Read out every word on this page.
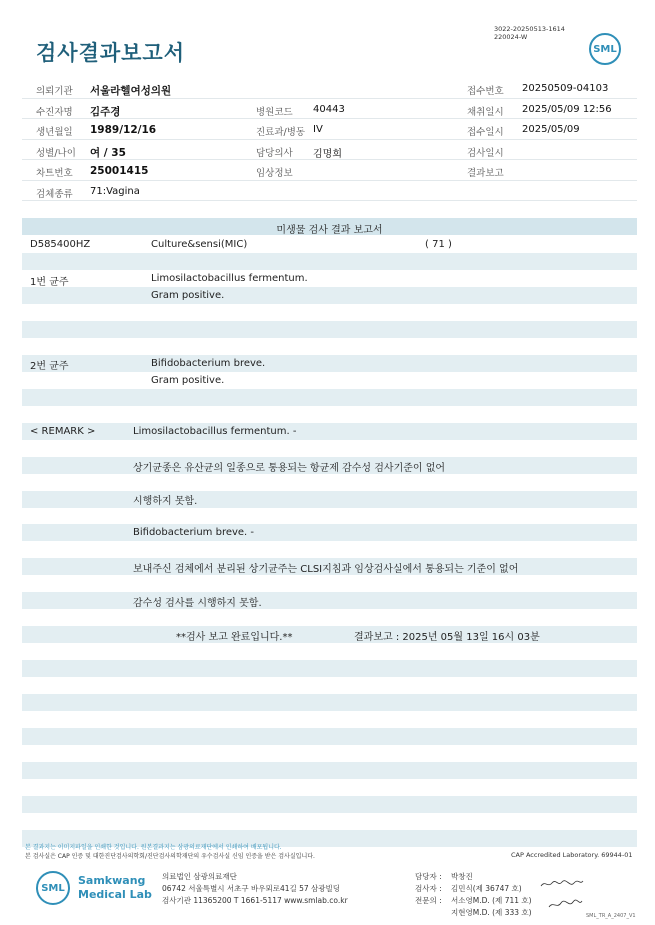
검사결과보고서
3022-20250513-1614
220024-W
SML
의뢰기관 서울라헬여성의원	접수번호 20250509-04103
수진자명 김주경	병원코드 40443	채취일시 2025/05/09 12:56
생년월일 1989/12/16	진료과/병동 IV	접수일시 2025/05/09
성별/나이 여 / 35	담당의사 김명희	검사일시
차트번호 25001415	임상정보	결과보고
검체종류 71:Vagina
미생물 검사 결과 보고서
D585400HZ	Culture&sensi(MIC)	( 71 )
1번 균주	Limosilactobacillus fermentum.
Gram positive.
2번 균주	Bifidobacterium breve.
Gram positive.
< REMARK >	Limosilactobacillus fermentum. -
상기균종은 유산균의 일종으로 통용되는 항균제 감수성 검사기준이 없어
시행하지 못함.
Bifidobacterium breve. -
보내주신 검체에서 분리된 상기균주는 CLSI지침과 임상검사실에서 통용되는 기준이 없어
감수성 검사를 시행하지 못함.
**검사 보고 완료입니다.**	결과보고 : 2025년 05월 13일 16시 03분
본 결과지는 이미지파일을 인쇄한 것입니다. 원본결과지는 삼광의료재단에서 인쇄하여 배포됩니다.
본 검사실은 CAP 인증 및 대한진단검사의학회/진단검사의학재단의 우수검사실 신임 인증을 받은 검사실입니다.	CAP Accredited Laboratory. 69944-01
SML
Samkwang
Medical Lab
의료법인 삼광의료재단
06742 서울특별시 서초구 바우뫼로41길 57 삼광빌딩
검사기관 11365200 T 1661-5117 www.smlab.co.kr
담당자 : 박창진
검사자 : 김민식(제 36747 호)
전문의 : 서소영M.D. (제 711 호)
지현영M.D. (제 333 호)	SML_TR_A_2407_V1
